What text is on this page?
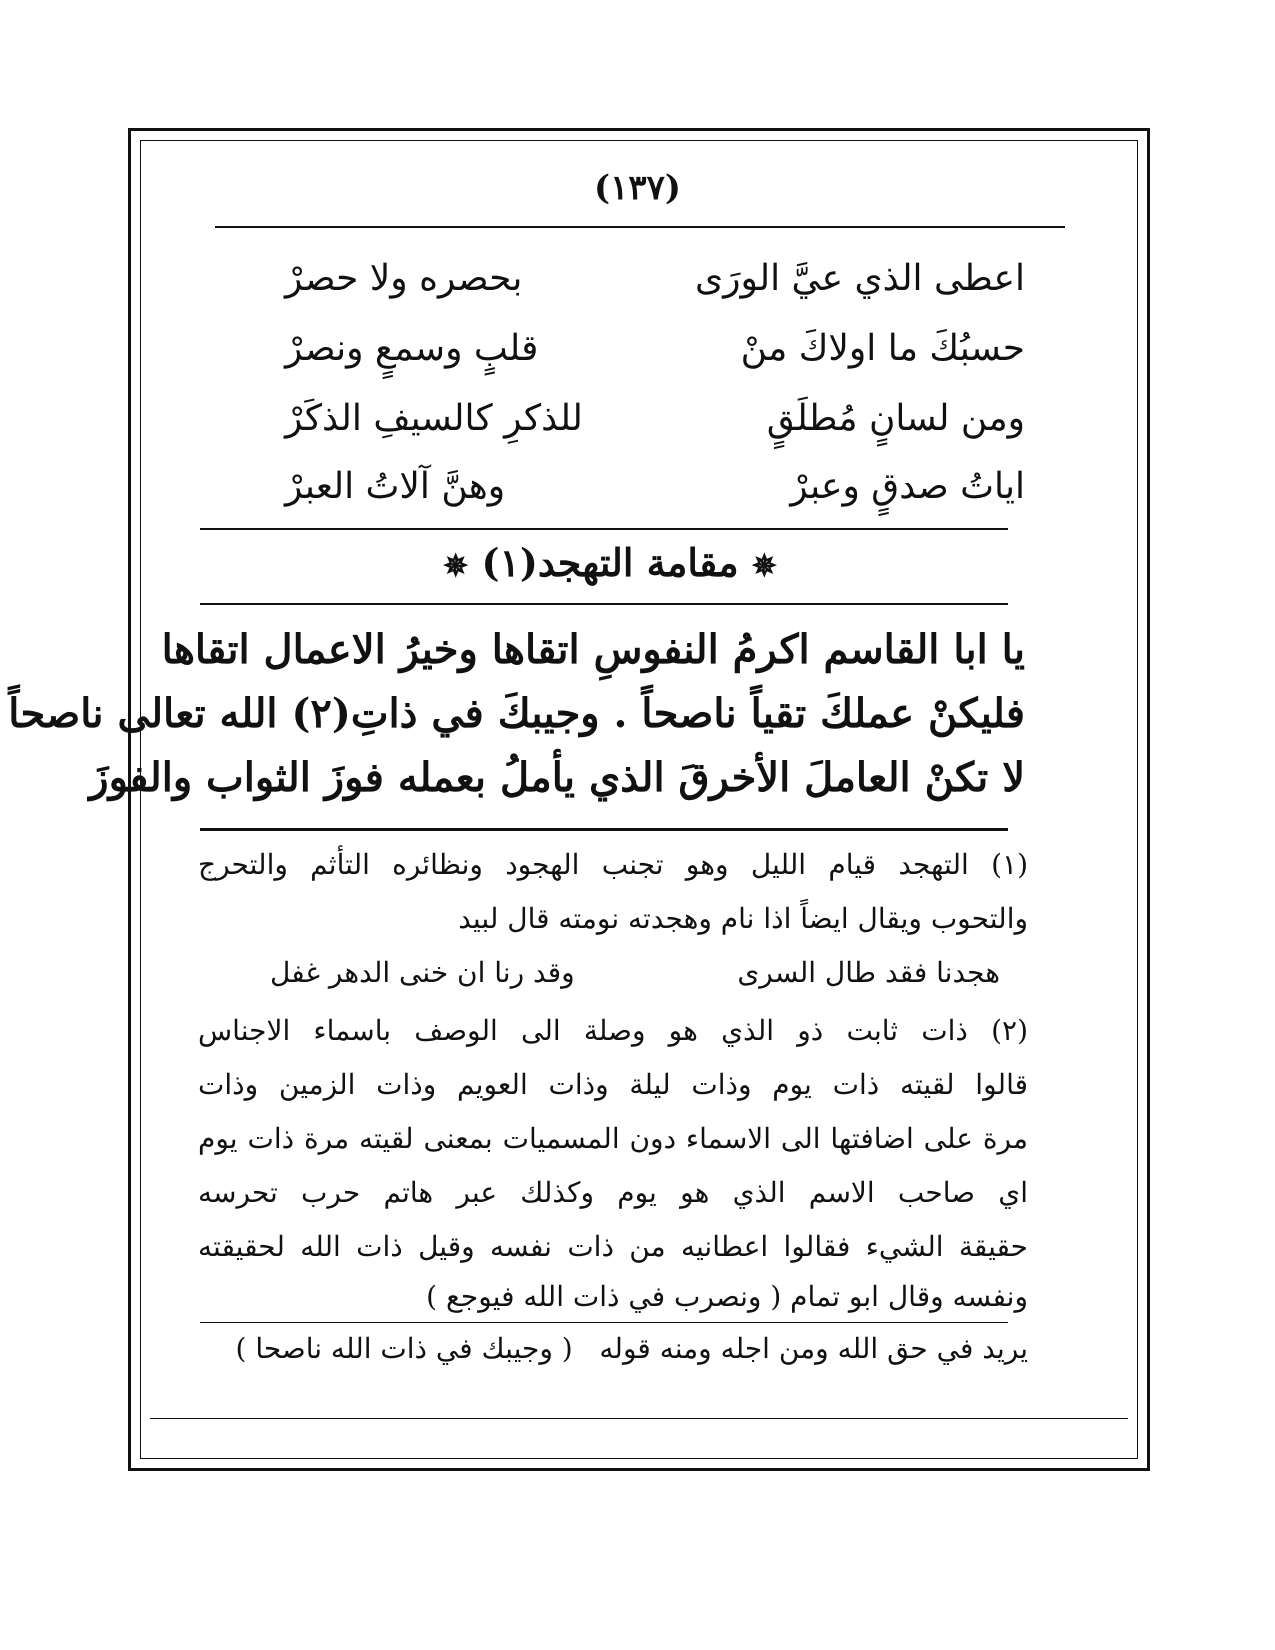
(١٣٧)
اعطى الذي عيَّ الورَى
بحصره ولا حصرْ
حسبُكَ ما اولاكَ منْ
قلبٍ وسمعٍ ونصرْ
ومن لسانٍ مُطلَقٍ
للذكرِ كالسيفِ الذكَرْ
اياتُ صدقٍ وعبرْ
وهنَّ آلاتُ العبرْ
✵ مقامة التهجد(١) ✵
يا ابا القاسم اكرمُ النفوسِ اتقاها وخيرُ الاعمال اتقاها
فليكنْ عملكَ تقياً ناصحاً . وجيبكَ في ذاتِ(٢) الله تعالى ناصحاً
لا تكنْ العاملَ الأخرقَ الذي يأملُ بعمله فوزَ الثواب والفوزَ
(١) التهجد قيام الليل وهو تجنب الهجود ونظائره التأثم والتحرج
والتحوب ويقال ايضاً اذا نام وهجدته نومته قال لبيد
هجدنا فقد طال السرى
وقد رنا ان خنى الدهر غفل
(٢) ذات ثابت ذو الذي هو وصلة الى الوصف باسماء الاجناس
قالوا لقيته ذات يوم وذات ليلة وذات العويم وذات الزمين وذات
مرة على اضافتها الى الاسماء دون المسميات بمعنى لقيته مرة ذات يوم
اي صاحب الاسم الذي هو يوم وكذلك عبر هاتم حرب تحرسه
حقيقة الشيء فقالوا اعطانيه من ذات نفسه وقيل ذات الله لحقيقته
ونفسه وقال ابو تمام ( ونصرب في ذات الله فيوجع )
يريد في حق الله ومن اجله ومنه قوله   ( وجيبك في ذات الله ناصحا )
